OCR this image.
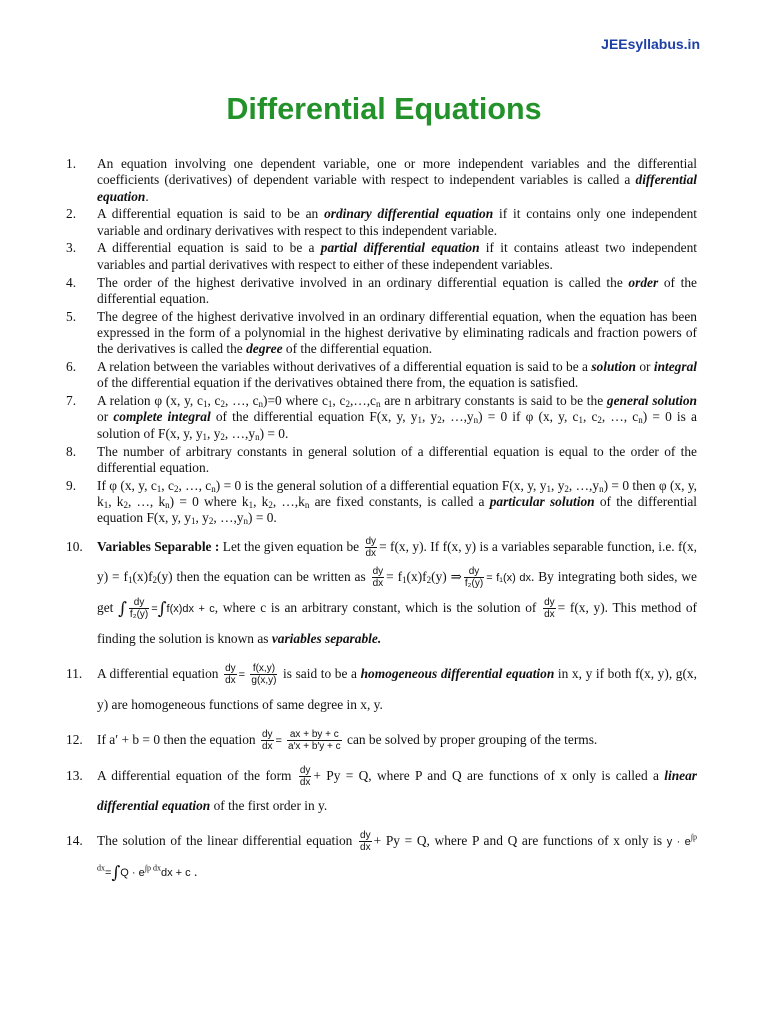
JEEsyllabus.in
Differential Equations
1. An equation involving one dependent variable, one or more independent variables and the differential coefficients (derivatives) of dependent variable with respect to independent variables is called a differential equation.
2. A differential equation is said to be an ordinary differential equation if it contains only one independent variable and ordinary derivatives with respect to this independent variable.
3. A differential equation is said to be a partial differential equation if it contains atleast two independent variables and partial derivatives with respect to either of these independent variables.
4. The order of the highest derivative involved in an ordinary differential equation is called the order of the differential equation.
5. The degree of the highest derivative involved in an ordinary differential equation, when the equation has been expressed in the form of a polynomial in the highest derivative by eliminating radicals and fraction powers of the derivatives is called the degree of the differential equation.
6. A relation between the variables without derivatives of a differential equation is said to be a solution or integral of the differential equation if the derivatives obtained there from, the equation is satisfied.
7. A relation φ (x, y, $c_1$, $c_2$, …, $c_n)=0$ where $c_1$, $c_2,\dots,c_n$ are n arbitrary constants is said to be the general solution or complete integral of the differential equation F(x, y, $y_1$, $y_2$, $\dots,y_n) = 0$ if φ (x, y, $c_1$, $c_2$, …, $c_n) = 0$ is a solution of F(x, y, $y_1$, $y_2$, $\dots,y_n) = 0$.
8. The number of arbitrary constants in general solution of a differential equation is equal to the order of the differential equation.
9. If φ (x, y, $c_1$, $c_2$, …, $c_n) = 0$ is the general solution of a differential equation F(x, y, $y_1$, $y_2$, $\dots,y_n) = 0$ then φ (x, y, $k_1$, $k_2$, …, $k_n) = 0$ where $k_1$, $k_2$, $\dots,k_n$ are fixed constants, is called a particular solution of the differential equation F(x, y, $y_1$, $y_2$, $\dots,y_n) = 0$.
10. Variables Separable : Let the given equation be $\frac{dy}{dx} = f(x$, y). If f(x, y) is a variables separable function, i.e. f(x, $y) = f_1(x)f_2(y)$ then the equation can be written as $\frac{dy}{dx} = f_1(x)f_2(y)$ ⇒ $\frac{dy}{\text{f₂(y)}} = f_1(x)$ dx. By integrating both sides, we get ∫ $\frac{dy}{\text{f₂(y)}} =\int f(x)dx + c$, where c is an arbitrary constant, which is the solution of $\frac{dy}{dx} = f(x$, y). This method of finding the solution is known as variables separable.
11. A differential equation $\frac{dy}{dx} = \frac{f(x,y)}{g(x,y)}$ is said to be a homogeneous differential equation in x, y if both f(x, y), g(x, y) are homogeneous functions of same degree in x, y.
12. If a′ + b = 0 then the equation $\frac{dy}{dx} = \frac{ax + by + c}{a'x + b'y + c}$ can be solved by proper grouping of the terms.
13. A differential equation of the form $\frac{dy}{dx} + Py = Q$, where P and Q are functions of x only is called a linear differential equation of the first order in y.
14. The solution of the linear differential equation $\frac{dy}{dx} + Py = Q$, where P and Q are functions of x only is $y \cdot e^{\int p dx}=\int Q \cdot e^{\int p dx}dx + c$ .
